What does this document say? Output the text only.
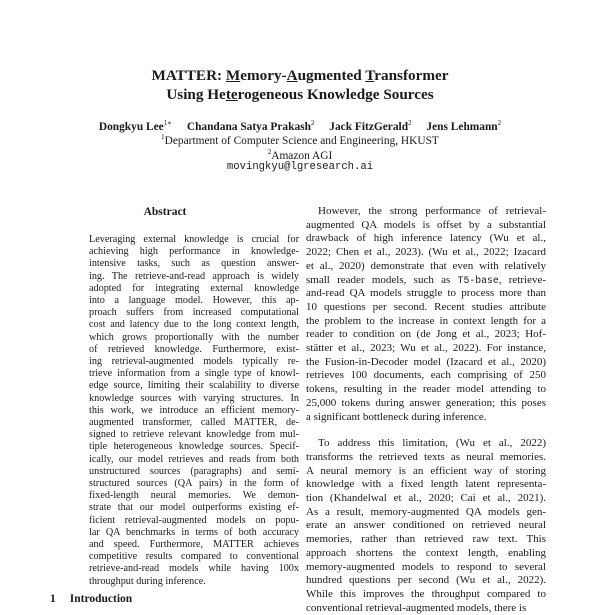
MATTER: Memory-Augmented Transformer
Using Heterogeneous Knowledge Sources
Dongkyu Lee$^{1∗}$ Chandana Satya Prakash$^2$ Jack FitzGerald$^2$ Jens Lehmann$^2$
$^1$Department of Computer Science and Engineering, HKUST
$^2$Amazon AGI
movingkyu@lgresearch.ai
Abstract
Leveraging external knowledge is crucial for
achieving high performance in knowledge-
intensive tasks, such as question answer-
ing. The retrieve-and-read approach is widely
adopted for integrating external knowledge
into a language model. However, this ap-
proach suffers from increased computational
cost and latency due to the long context length,
which grows proportionally with the number
of retrieved knowledge. Furthermore, exist-
ing retrieval-augmented models typically re-
trieve information from a single type of knowl-
edge source, limiting their scalability to diverse
knowledge sources with varying structures. In
this work, we introduce an efficient memory-
augmented transformer, called MATTER, de-
signed to retrieve relevant knowledge from mul-
tiple heterogeneous knowledge sources. Specif-
ically, our model retrieves and reads from both
unstructured sources (paragraphs) and semi-
structured sources (QA pairs) in the form of
fixed-length neural memories. We demon-
strate that our model outperforms existing ef-
ficient retrieval-augmented models on popu-
lar QA benchmarks in terms of both accuracy
and speed. Furthermore, MATTER achieves
competitive results compared to conventional
retrieve-and-read models while having 100x
throughput during inference.
1 Introduction
However, the strong performance of retrieval-
augmented QA models is offset by a substantial
drawback of high inference latency (Wu et al.,
2022; Chen et al., 2023). (Wu et al., 2022; Izacard
et al., 2020) demonstrate that even with relatively
small reader models, such as T5-base, retrieve-
and-read QA models struggle to process more than
10 questions per second. Recent studies attribute
the problem to the increase in context length for a
reader to condition on (de Jong et al., 2023; Hof-
stätter et al., 2023; Wu et al., 2022). For instance,
the Fusion-in-Decoder model (Izacard et al., 2020)
retrieves 100 documents, each comprising of 250
tokens, resulting in the reader model attending to
25,000 tokens during answer generation; this poses
a significant bottleneck during inference.
To address this limitation, (Wu et al., 2022)
transforms the retrieved texts as neural memories.
A neural memory is an efficient way of storing
knowledge with a fixed length latent representa-
tion (Khandelwal et al., 2020; Cai et al., 2021).
As a result, memory-augmented QA models gen-
erate an answer conditioned on retrieved neural
memories, rather than retrieved raw text. This
approach shortens the context length, enabling
memory-augmented models to respond to several
hundred questions per second (Wu et al., 2022).
While this improves the throughput compared to
conventional retrieval-augmented models, there is
